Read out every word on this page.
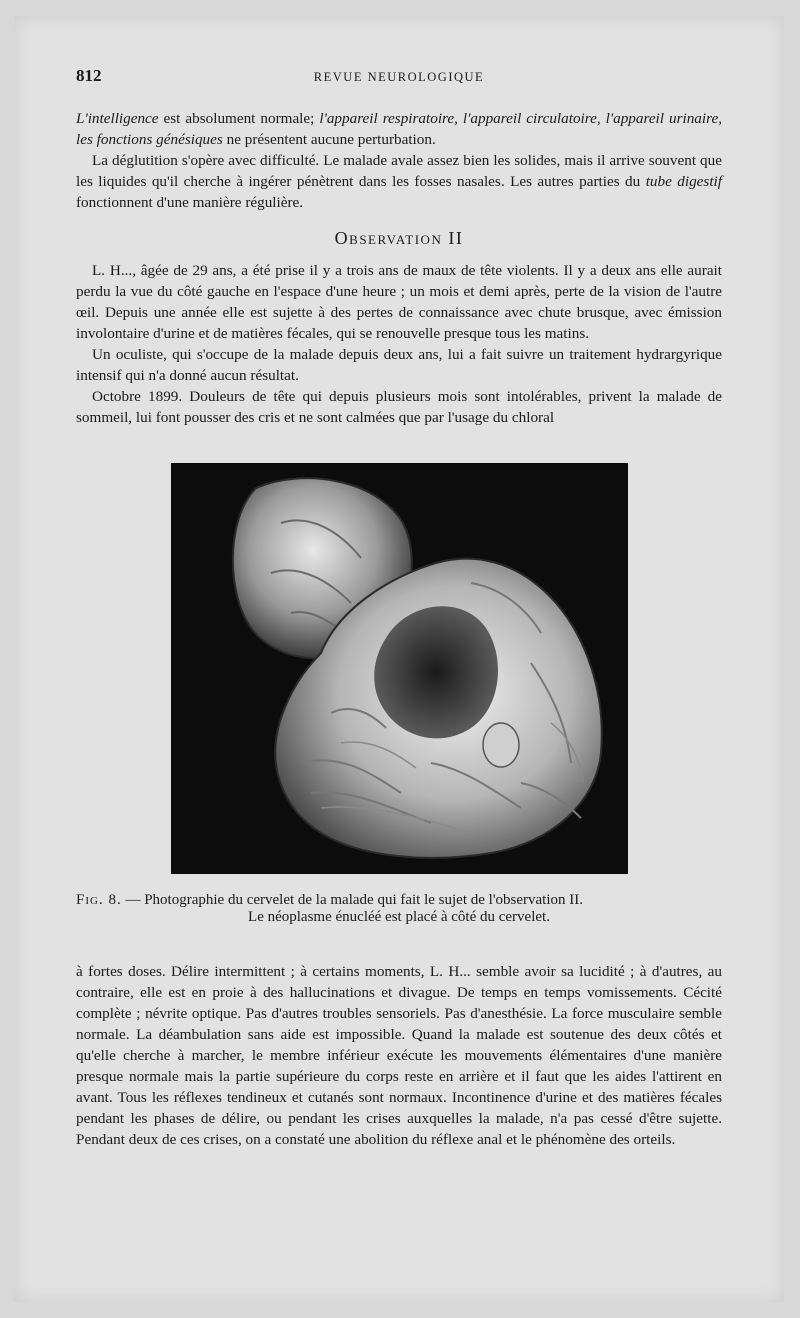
812	REVUE NEUROLOGIQUE

L'intelligence est absolument normale; l'appareil respiratoire, l'appareil circulatoire, l'appareil urinaire, les fonctions génésiques ne présentent aucune perturbation.

La déglutition s'opère avec difficulté. Le malade avale assez bien les solides, mais il arrive souvent que les liquides qu'il cherche à ingérer pénètrent dans les fosses nasales. Les autres parties du tube digestif fonctionnent d'une manière régulière.

Observation II

L. H..., âgée de 29 ans, a été prise il y a trois ans de maux de tête violents. Il y a deux ans elle aurait perdu la vue du côté gauche en l'espace d'une heure ; un mois et demi après, perte de la vision de l'autre œil. Depuis une année elle est sujette à des pertes de connaissance avec chute brusque, avec émission involontaire d'urine et de matières fécales, qui se renouvelle presque tous les matins.

Un oculiste, qui s'occupe de la malade depuis deux ans, lui a fait suivre un traitement hydrargyrique intensif qui n'a donné aucun résultat.

Octobre 1899. Douleurs de tête qui depuis plusieurs mois sont intolérables, privent la malade de sommeil, lui font pousser des cris et ne sont calmées que par l'usage du chloral

Fig. 8. — Photographie du cervelet de la malade qui fait le sujet de l'observation II.
Le néoplasme énucléé est placé à côté du cervelet.

à fortes doses. Délire intermittent ; à certains moments, L. H... semble avoir sa lucidité ; à d'autres, au contraire, elle est en proie à des hallucinations et divague. De temps en temps vomissements. Cécité complète ; névrite optique. Pas d'autres troubles sensoriels. Pas d'anesthésie. La force musculaire semble normale. La déambulation sans aide est impossible. Quand la malade est soutenue des deux côtés et qu'elle cherche à marcher, le membre inférieur exécute les mouvements élémentaires d'une manière presque normale mais la partie supérieure du corps reste en arrière et il faut que les aides l'attirent en avant. Tous les réflexes tendineux et cutanés sont normaux. Incontinence d'urine et des matières fécales pendant les phases de délire, ou pendant les crises auxquelles la malade, n'a pas cessé d'être sujette. Pendant deux de ces crises, on a constaté une abolition du réflexe anal et le phénomène des orteils.
